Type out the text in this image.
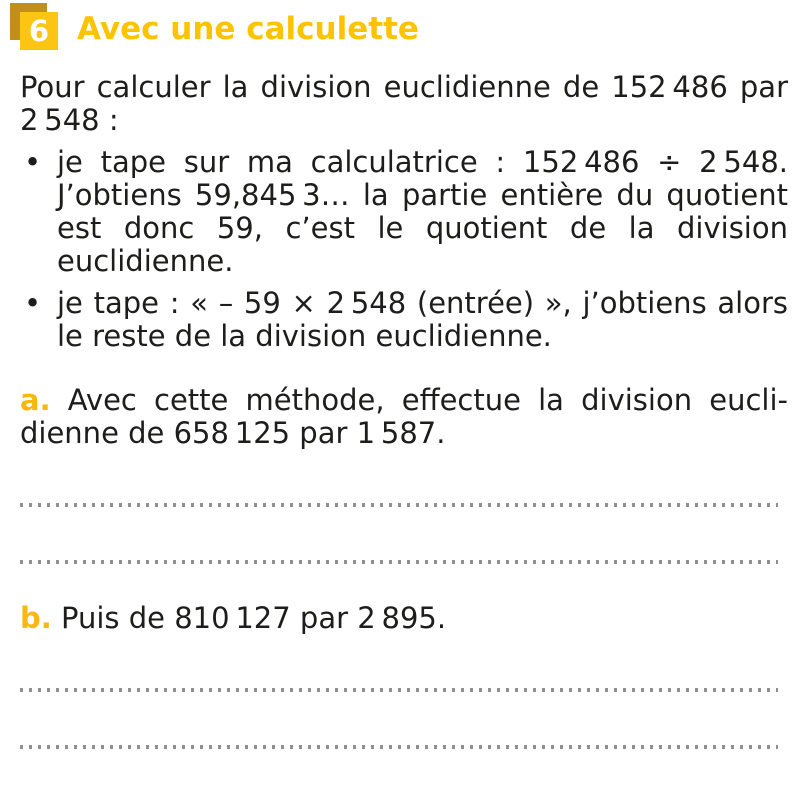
6 Avec une calculette

Pour calculer la division euclidienne de 152 486 par
2 548 :

• je tape sur ma calculatrice : 152 486 ÷ 2 548.
J’obtiens 59,845 3… la partie entière du quotient
est donc 59, c’est le quotient de la division
euclidienne.
• je tape : « – 59 × 2 548 (entrée) », j’obtiens alors
le reste de la division euclidienne.

a. Avec cette méthode, effectue la division eucli-
dienne de 658 125 par 1 587.

b. Puis de 810 127 par 2 895.
